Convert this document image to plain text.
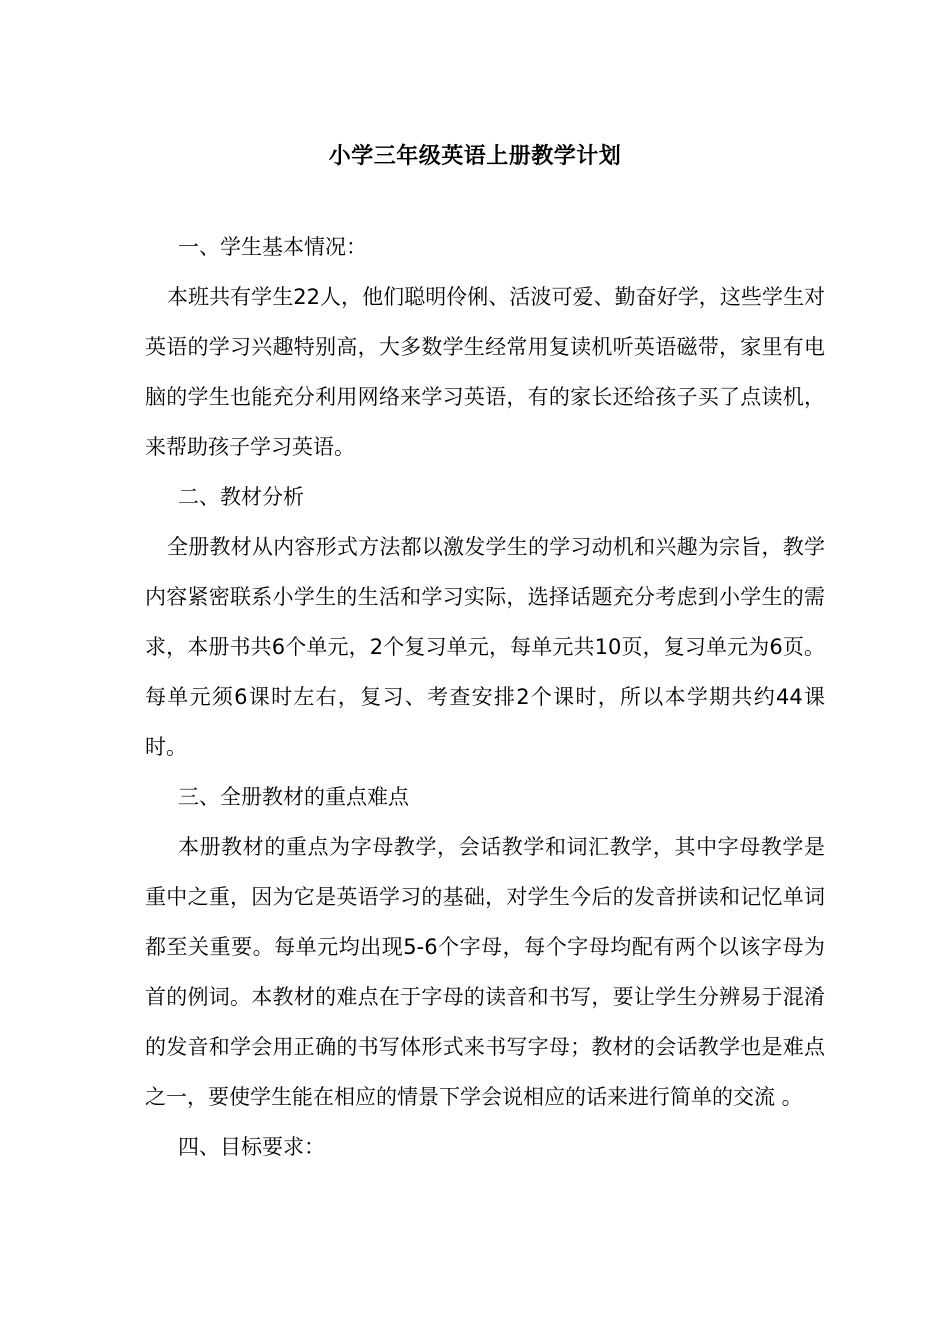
小学三年级英语上册教学计划

一、学生基本情况：

本班共有学生22人，他们聪明伶俐、活波可爱、勤奋好学，这些学生对英语的学习兴趣特别高，大多数学生经常用复读机听英语磁带，家里有电脑的学生也能充分利用网络来学习英语，有的家长还给孩子买了点读机，来帮助孩子学习英语。

二、教材分析

全册教材从内容形式方法都以激发学生的学习动机和兴趣为宗旨，教学内容紧密联系小学生的生活和学习实际，选择话题充分考虑到小学生的需求，本册书共6个单元，2个复习单元，每单元共10页，复习单元为6页。每单元须6课时左右，复习、考查安排2个课时，所以本学期共约44课时。

三、全册教材的重点难点

本册教材的重点为字母教学，会话教学和词汇教学，其中字母教学是重中之重，因为它是英语学习的基础，对学生今后的发音拼读和记忆单词都至关重要。每单元均出现5-6个字母，每个字母均配有两个以该字母为首的例词。本教材的难点在于字母的读音和书写，要让学生分辨易于混淆的发音和学会用正确的书写体形式来书写字母；教材的会话教学也是难点之一，要使学生能在相应的情景下学会说相应的话来进行简单的交流 。

四、目标要求：
